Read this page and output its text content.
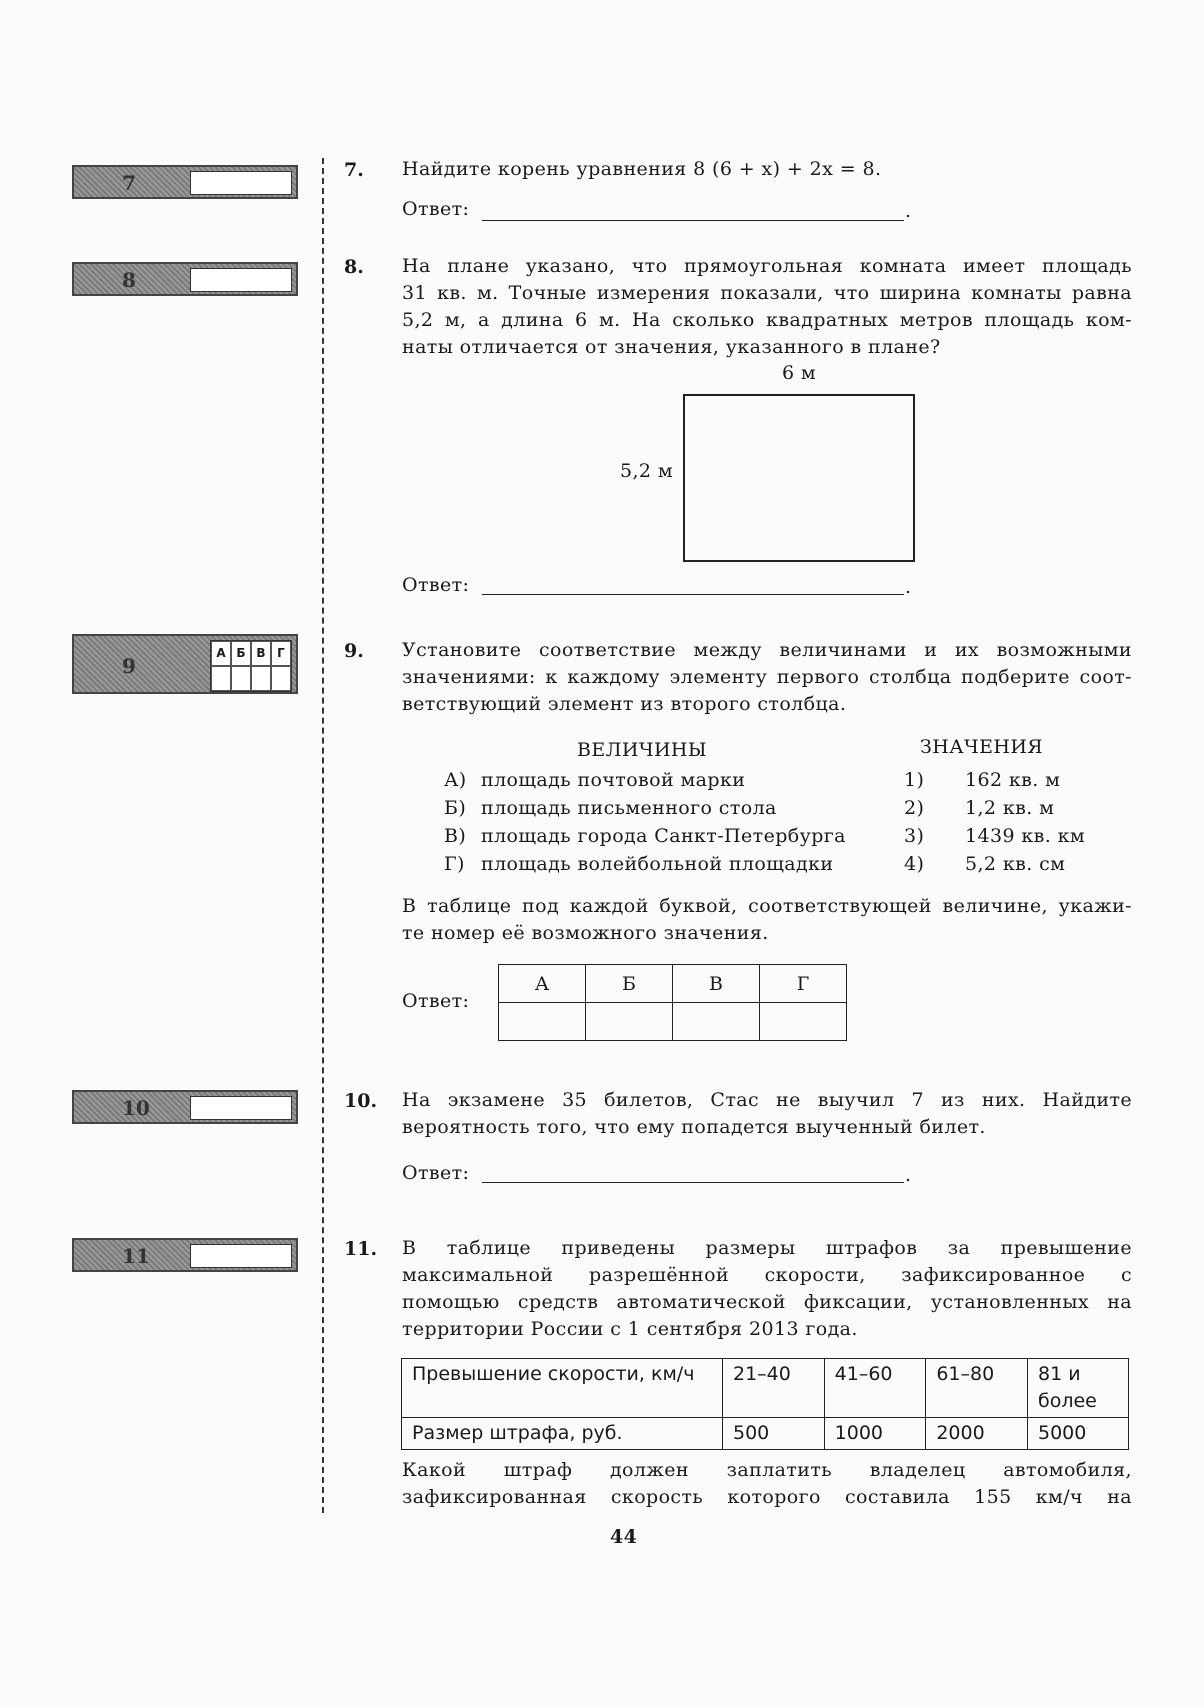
7
8
9
А Б В Г
10
11
7. Найдите корень уравнения 8 (6 + x) + 2x = 8.
Ответ:	.
8. На плане указано, что прямоугольная комната имеет площадь
31 кв. м. Точные измерения показали, что ширина комнаты равна
5,2 м, а длина 6 м. На сколько квадратных метров площадь ком-
наты отличается от значения, указанного в плане?
6 м
5,2 м
Ответ:	.
9. Установите соответствие между величинами и их возможными
значениями: к каждому элементу первого столбца подберите соот-
ветствующий элемент из второго столбца.
ВЕЛИЧИНЫ	ЗНАЧЕНИЯ
А) площадь почтовой марки	1) 162 кв. м
Б) площадь письменного стола	2) 1,2 кв. м
В) площадь города Санкт-Петербурга	3) 1439 кв. км
Г) площадь волейбольной площадки	4) 5,2 кв. см
В таблице под каждой буквой, соответствующей величине, укажи-
те номер её возможного значения.
Ответ:
А	Б	В	Г

10. На экзамене 35 билетов, Стас не выучил 7 из них. Найдите
вероятность того, что ему попадется выученный билет.
Ответ:	.
11. В таблице приведены размеры штрафов за превышение
максимальной разрешённой скорости, зафиксированное с
помощью средств автоматической фиксации, установленных на
территории России с 1 сентября 2013 года.
Превышение скорости, км/ч	21–40	41–60	61–80	81 и более
Размер штрафа, руб.	500	1000	2000	5000
Какой штраф должен заплатить владелец автомобиля,
зафиксированная скорость которого составила 155 км/ч на
44
